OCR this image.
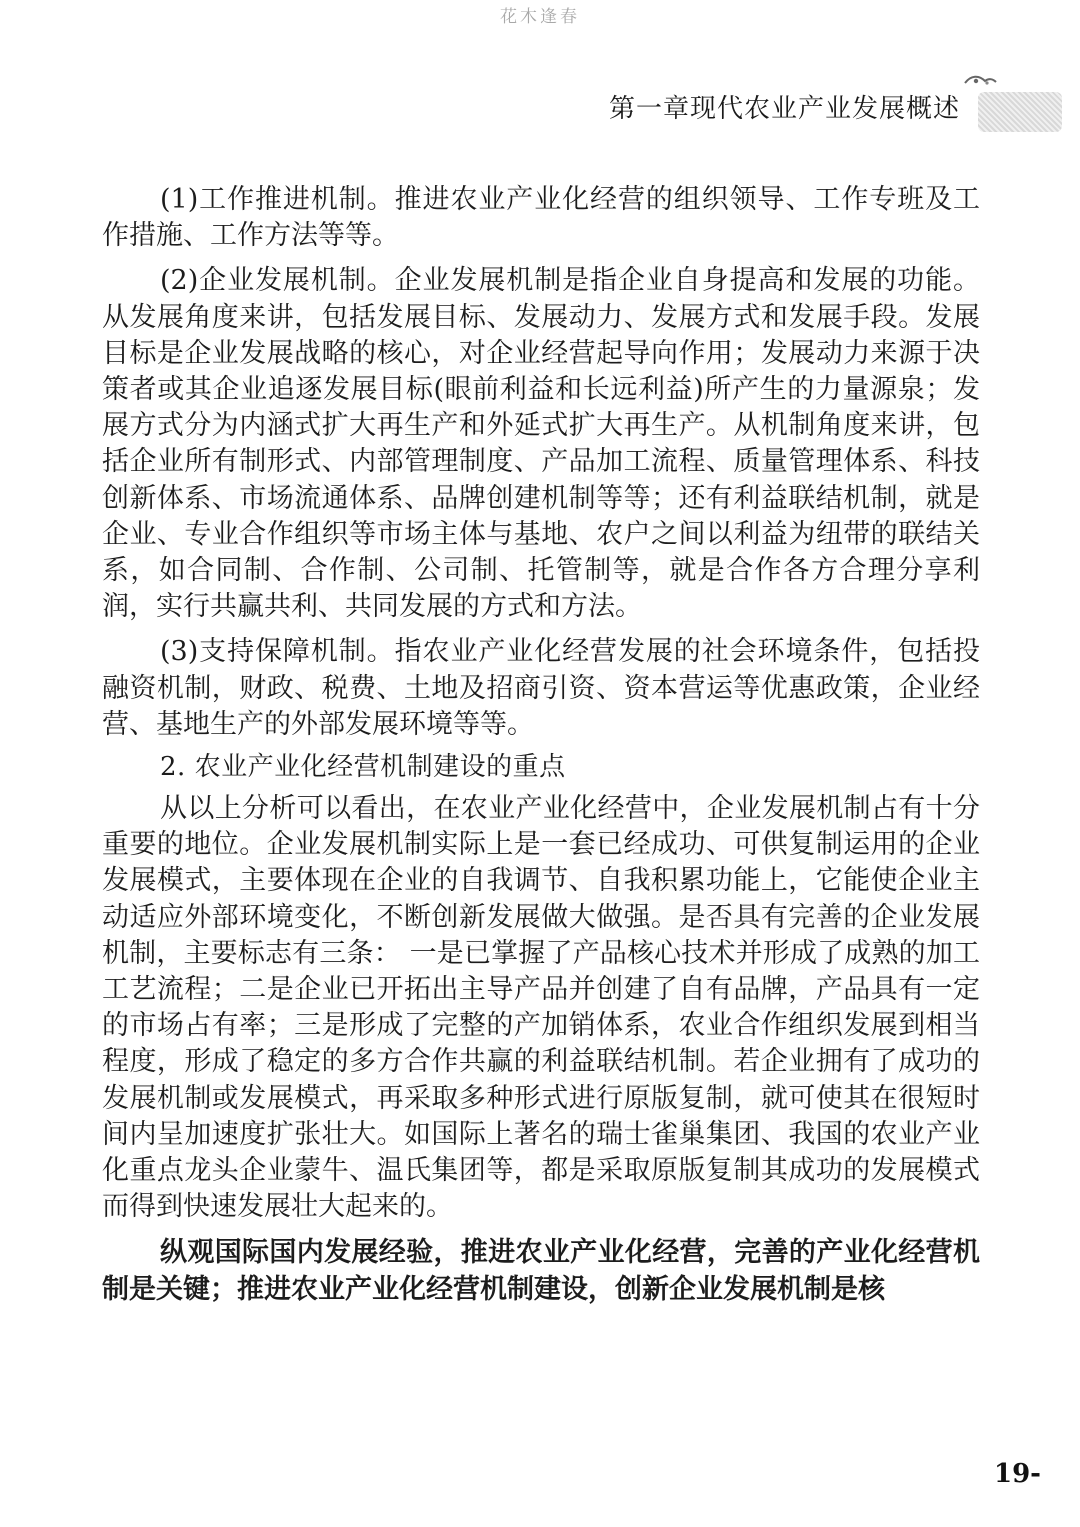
花木逢春
第一章现代农业产业发展概述

(1)工作推进机制。推进农业产业化经营的组织领导、工作专班及工作措施、工作方法等等。

(2)企业发展机制。企业发展机制是指企业自身提高和发展的功能。从发展角度来讲，包括发展目标、发展动力、发展方式和发展手段。发展目标是企业发展战略的核心，对企业经营起导向作用；发展动力来源于决策者或其企业追逐发展目标(眼前利益和长远利益)所产生的力量源泉；发展方式分为内涵式扩大再生产和外延式扩大再生产。从机制角度来讲，包括企业所有制形式、内部管理制度、产品加工流程、质量管理体系、科技创新体系、市场流通体系、品牌创建机制等等；还有利益联结机制，就是企业、专业合作组织等市场主体与基地、农户之间以利益为纽带的联结关系，如合同制、合作制、公司制、托管制等，就是合作各方合理分享利润，实行共赢共利、共同发展的方式和方法。

(3)支持保障机制。指农业产业化经营发展的社会环境条件，包括投融资机制，财政、税费、土地及招商引资、资本营运等优惠政策，企业经营、基地生产的外部发展环境等等。

2. 农业产业化经营机制建设的重点

从以上分析可以看出，在农业产业化经营中，企业发展机制占有十分重要的地位。企业发展机制实际上是一套已经成功、可供复制运用的企业发展模式，主要体现在企业的自我调节、自我积累功能上，它能使企业主动适应外部环境变化，不断创新发展做大做强。是否具有完善的企业发展机制，主要标志有三条： 一是已掌握了产品核心技术并形成了成熟的加工工艺流程；二是企业已开拓出主导产品并创建了自有品牌，产品具有一定的市场占有率；三是形成了完整的产加销体系，农业合作组织发展到相当程度，形成了稳定的多方合作共赢的利益联结机制。若企业拥有了成功的发展机制或发展模式，再采取多种形式进行原版复制，就可使其在很短时间内呈加速度扩张壮大。如国际上著名的瑞士雀巢集团、我国的农业产业化重点龙头企业蒙牛、温氏集团等，都是采取原版复制其成功的发展模式而得到快速发展壮大起来的。

纵观国际国内发展经验，推进农业产业化经营，完善的产业化经营机制是关键；推进农业产业化经营机制建设，创新企业发展机制是核

19-
